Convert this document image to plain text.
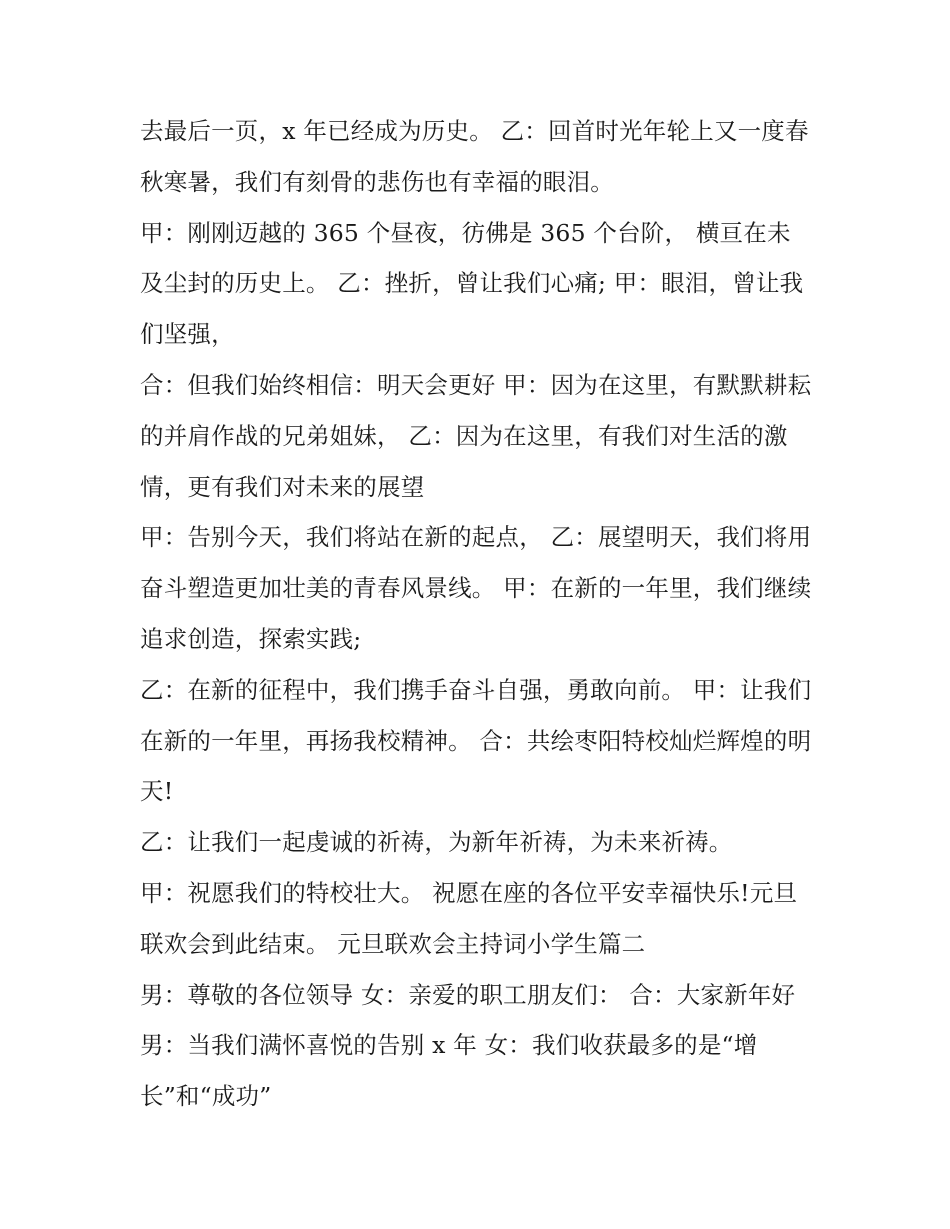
去最后一页，x 年已经成为历史。 乙：回首时光年轮上又一度春秋寒暑，我们有刻骨的悲伤也有幸福的眼泪。

甲：刚刚迈越的 365 个昼夜，彷佛是 365 个台阶， 横亘在未及尘封的历史上。 乙：挫折，曾让我们心痛; 甲：眼泪，曾让我们坚强，

合：但我们始终相信：明天会更好 甲：因为在这里，有默默耕耘的并肩作战的兄弟姐妹， 乙：因为在这里，有我们对生活的激情，更有我们对未来的展望

甲：告别今天，我们将站在新的起点， 乙：展望明天，我们将用奋斗塑造更加壮美的青春风景线。 甲：在新的一年里，我们继续追求创造，探索实践;

乙：在新的征程中，我们携手奋斗自强，勇敢向前。 甲：让我们在新的一年里，再扬我校精神。 合：共绘枣阳特校灿烂辉煌的明天!

乙：让我们一起虔诚的祈祷，为新年祈祷，为未来祈祷。

甲：祝愿我们的特校壮大。 祝愿在座的各位平安幸福快乐!元旦联欢会到此结束。 元旦联欢会主持词小学生篇二

男：尊敬的各位领导 女：亲爱的职工朋友们： 合：大家新年好 男：当我们满怀喜悦的告别 x 年 女：我们收获最多的是“增长”和“成功”
